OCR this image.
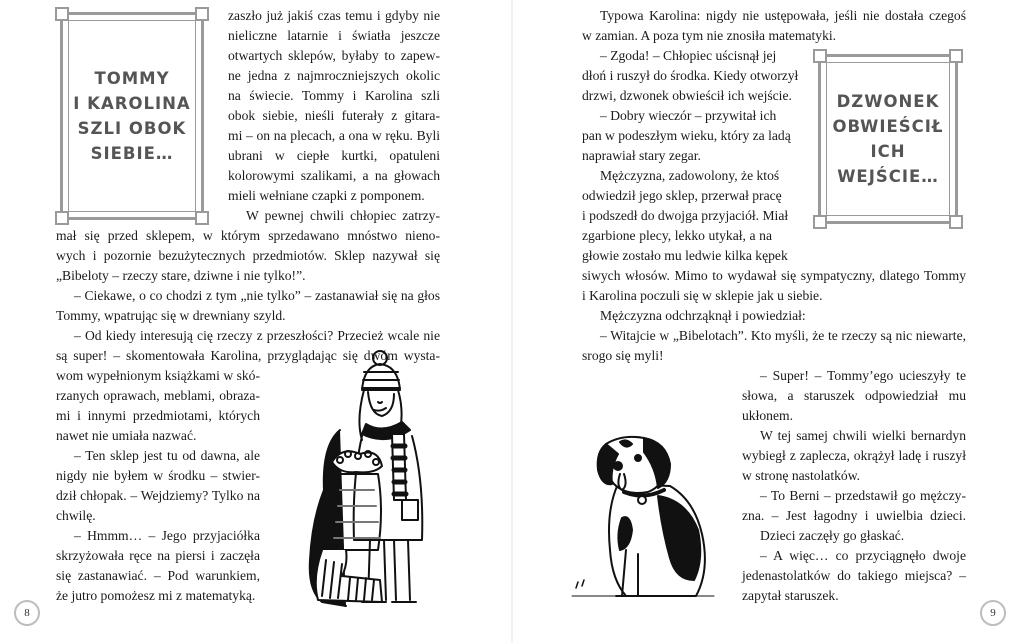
TOMMY
I KAROLINA
SZLI OBOK
SIEBIE…

zaszło już jakiś czas temu i gdyby nie

nieliczne latarnie i światła jeszcze

otwartych sklepów, byłaby to zapew-

ne jedna z najmroczniejszych okolic

na świecie. Tommy i Karolina szli

obok siebie, nieśli futerały z gitara-

mi – on na plecach, a ona w ręku. Byli

ubrani w ciepłe kurtki, opatuleni

kolorowymi szalikami, a na głowach

mieli wełniane czapki z pomponem.

W pewnej chwili chłopiec zatrzy-

mał się przed sklepem, w którym sprzedawano mnóstwo nieno-

wych i pozornie bezużytecznych przedmiotów. Sklep nazywał się

„Bibeloty – rzeczy stare, dziwne i nie tylko!”.

– Ciekawe, o co chodzi z tym „nie tylko” – zastanawiał się na głos

Tommy, wpatrując się w drewniany szyld.

– Od kiedy interesują cię rzeczy z przeszłości? Przecież wcale nie

są super! – skomentowała Karolina, przyglądając się dwóm wysta-

wom wypełnionym książkami w skó-

rzanych oprawach, meblami, obraza-

mi i innymi przedmiotami, których

nawet nie umiała nazwać.

– Ten sklep jest tu od dawna, ale

nigdy nie byłem w środku – stwier-

dził chłopak. – Wejdziemy? Tylko na

chwilę.

– Hmmm… – Jego przyjaciółka

skrzyżowała ręce na piersi i zaczęła

się zastanawiać. – Pod warunkiem,

że jutro pomożesz mi z matematyką.

8

Typowa Karolina: nigdy nie ustępowała, jeśli nie dostała czegoś

w zamian. A poza tym nie znosiła matematyki.

– Zgoda! – Chłopiec uścisnął jej

dłoń i ruszył do środka. Kiedy otworzył

drzwi, dzwonek obwieścił ich wejście.

– Dobry wieczór – przywitał ich

pan w podeszłym wieku, który za ladą

naprawiał stary zegar.

Mężczyzna, zadowolony, że ktoś

odwiedził jego sklep, przerwał pracę

i podszedł do dwojga przyjaciół. Miał

zgarbione plecy, lekko utykał, a na

głowie zostało mu ledwie kilka kępek

DZWONEK
OBWIEŚCIŁ
ICH WEJŚCIE…

siwych włosów. Mimo to wydawał się sympatyczny, dlatego Tommy

i Karolina poczuli się w sklepie jak u siebie.

Mężczyzna odchrząknął i powiedział:

– Witajcie w „Bibelotach”. Kto myśli, że te rzeczy są nic niewarte,

srogo się myli!

– Super! – Tommy’ego ucieszyły te

słowa, a staruszek odpowiedział mu

ukłonem.

W tej samej chwili wielki bernardyn

wybiegł z zaplecza, okrążył ladę i ruszył

w stronę nastolatków.

– To Berni – przedstawił go mężczy-

zna. – Jest łagodny i uwielbia dzieci.

Dzieci zaczęły go głaskać.

– A więc… co przyciągnęło dwoje

jedenastolatków do takiego miejsca? –

zapytał staruszek.

9
